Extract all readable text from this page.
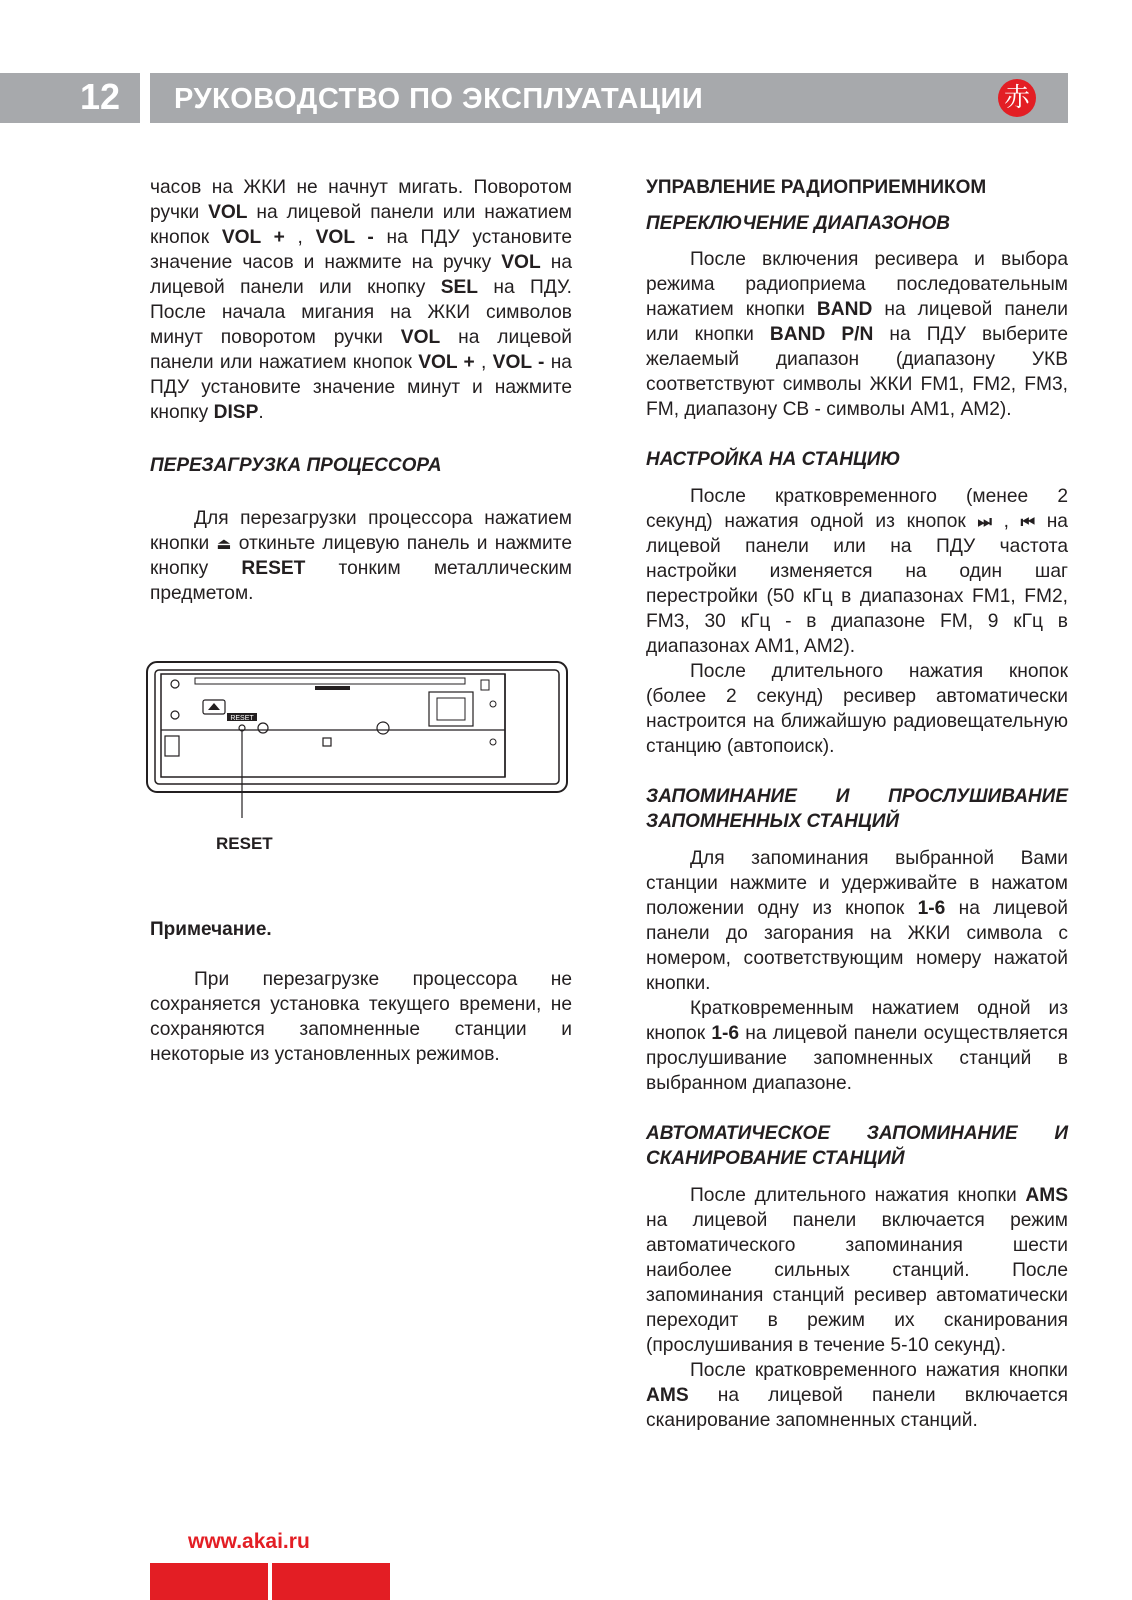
12 РУКОВОДСТВО ПО ЭКСПЛУАТАЦИИ	赤

часов на ЖКИ не начнут мигать. Поворотом ручки VOL на лицевой панели или нажатием кнопок VOL + , VOL - на ПДУ установите значение часов и нажмите на ручку VOL на лицевой панели или кнопку SEL на ПДУ. После начала мигания на ЖКИ символов минут поворотом ручки VOL на лицевой панели или нажатием кнопок VOL + , VOL - на ПДУ установите значение минут и нажмите кнопку DISP.

ПЕРЕЗАГРУЗКА ПРОЦЕССОРА

Для перезагрузки процессора нажатием кнопки ⏏ откиньте лицевую панель и нажмите кнопку RESET тонким металлическим предметом.

RESET
RESET

Примечание.

При перезагрузке процессора не сохраняется установка текущего времени, не сохраняются запомненные станции и некоторые из установленных режимов.

УПРАВЛЕНИЕ РАДИОПРИЕМНИКОМ

ПЕРЕКЛЮЧЕНИЕ ДИАПАЗОНОВ

После включения ресивера и выбора режима радиоприема последовательным нажатием кнопки BAND на лицевой панели или кнопки BAND P/N на ПДУ выберите желаемый диапазон (диапазону УКВ соответствуют символы ЖКИ FM1, FM2, FM3, FM, диапазону СВ - символы АМ1, АМ2).

НАСТРОЙКА НА СТАНЦИЮ

После кратковременного (менее 2 секунд) нажатия одной из кнопок ⏭ , ⏮ на лицевой панели или на ПДУ частота настройки изменяется на один шаг перестройки (50 кГц в диапазонах FM1, FM2, FM3, 30 кГц - в диапазоне FM, 9 кГц в диапазонах AM1, AM2).

После длительного нажатия кнопок (более 2 секунд) ресивер автоматически настроится на ближайшую радиовещательную станцию (автопоиск).

ЗАПОМИНАНИЕ И ПРОСЛУШИВАНИЕ ЗАПОМНЕННЫХ СТАНЦИЙ

Для запоминания выбранной Вами станции нажмите и удерживайте в нажатом положении одну из кнопок 1-6 на лицевой панели до загорания на ЖКИ символа с номером, соответствующим номеру нажатой кнопки.

Кратковременным нажатием одной из кнопок 1-6 на лицевой панели осуществляется прослушивание запомненных станций в выбранном диапазоне.

АВТОМАТИЧЕСКОЕ ЗАПОМИНАНИЕ И СКАНИРОВАНИЕ СТАНЦИЙ

После длительного нажатия кнопки AMS на лицевой панели включается режим автоматического запоминания шести наиболее сильных станций. После запоминания станций ресивер автоматически переходит в режим их сканирования (прослушивания в течение 5-10 секунд).

После кратковременного нажатия кнопки AMS на лицевой панели включается сканирование запомненных станций.

www.akai.ru
